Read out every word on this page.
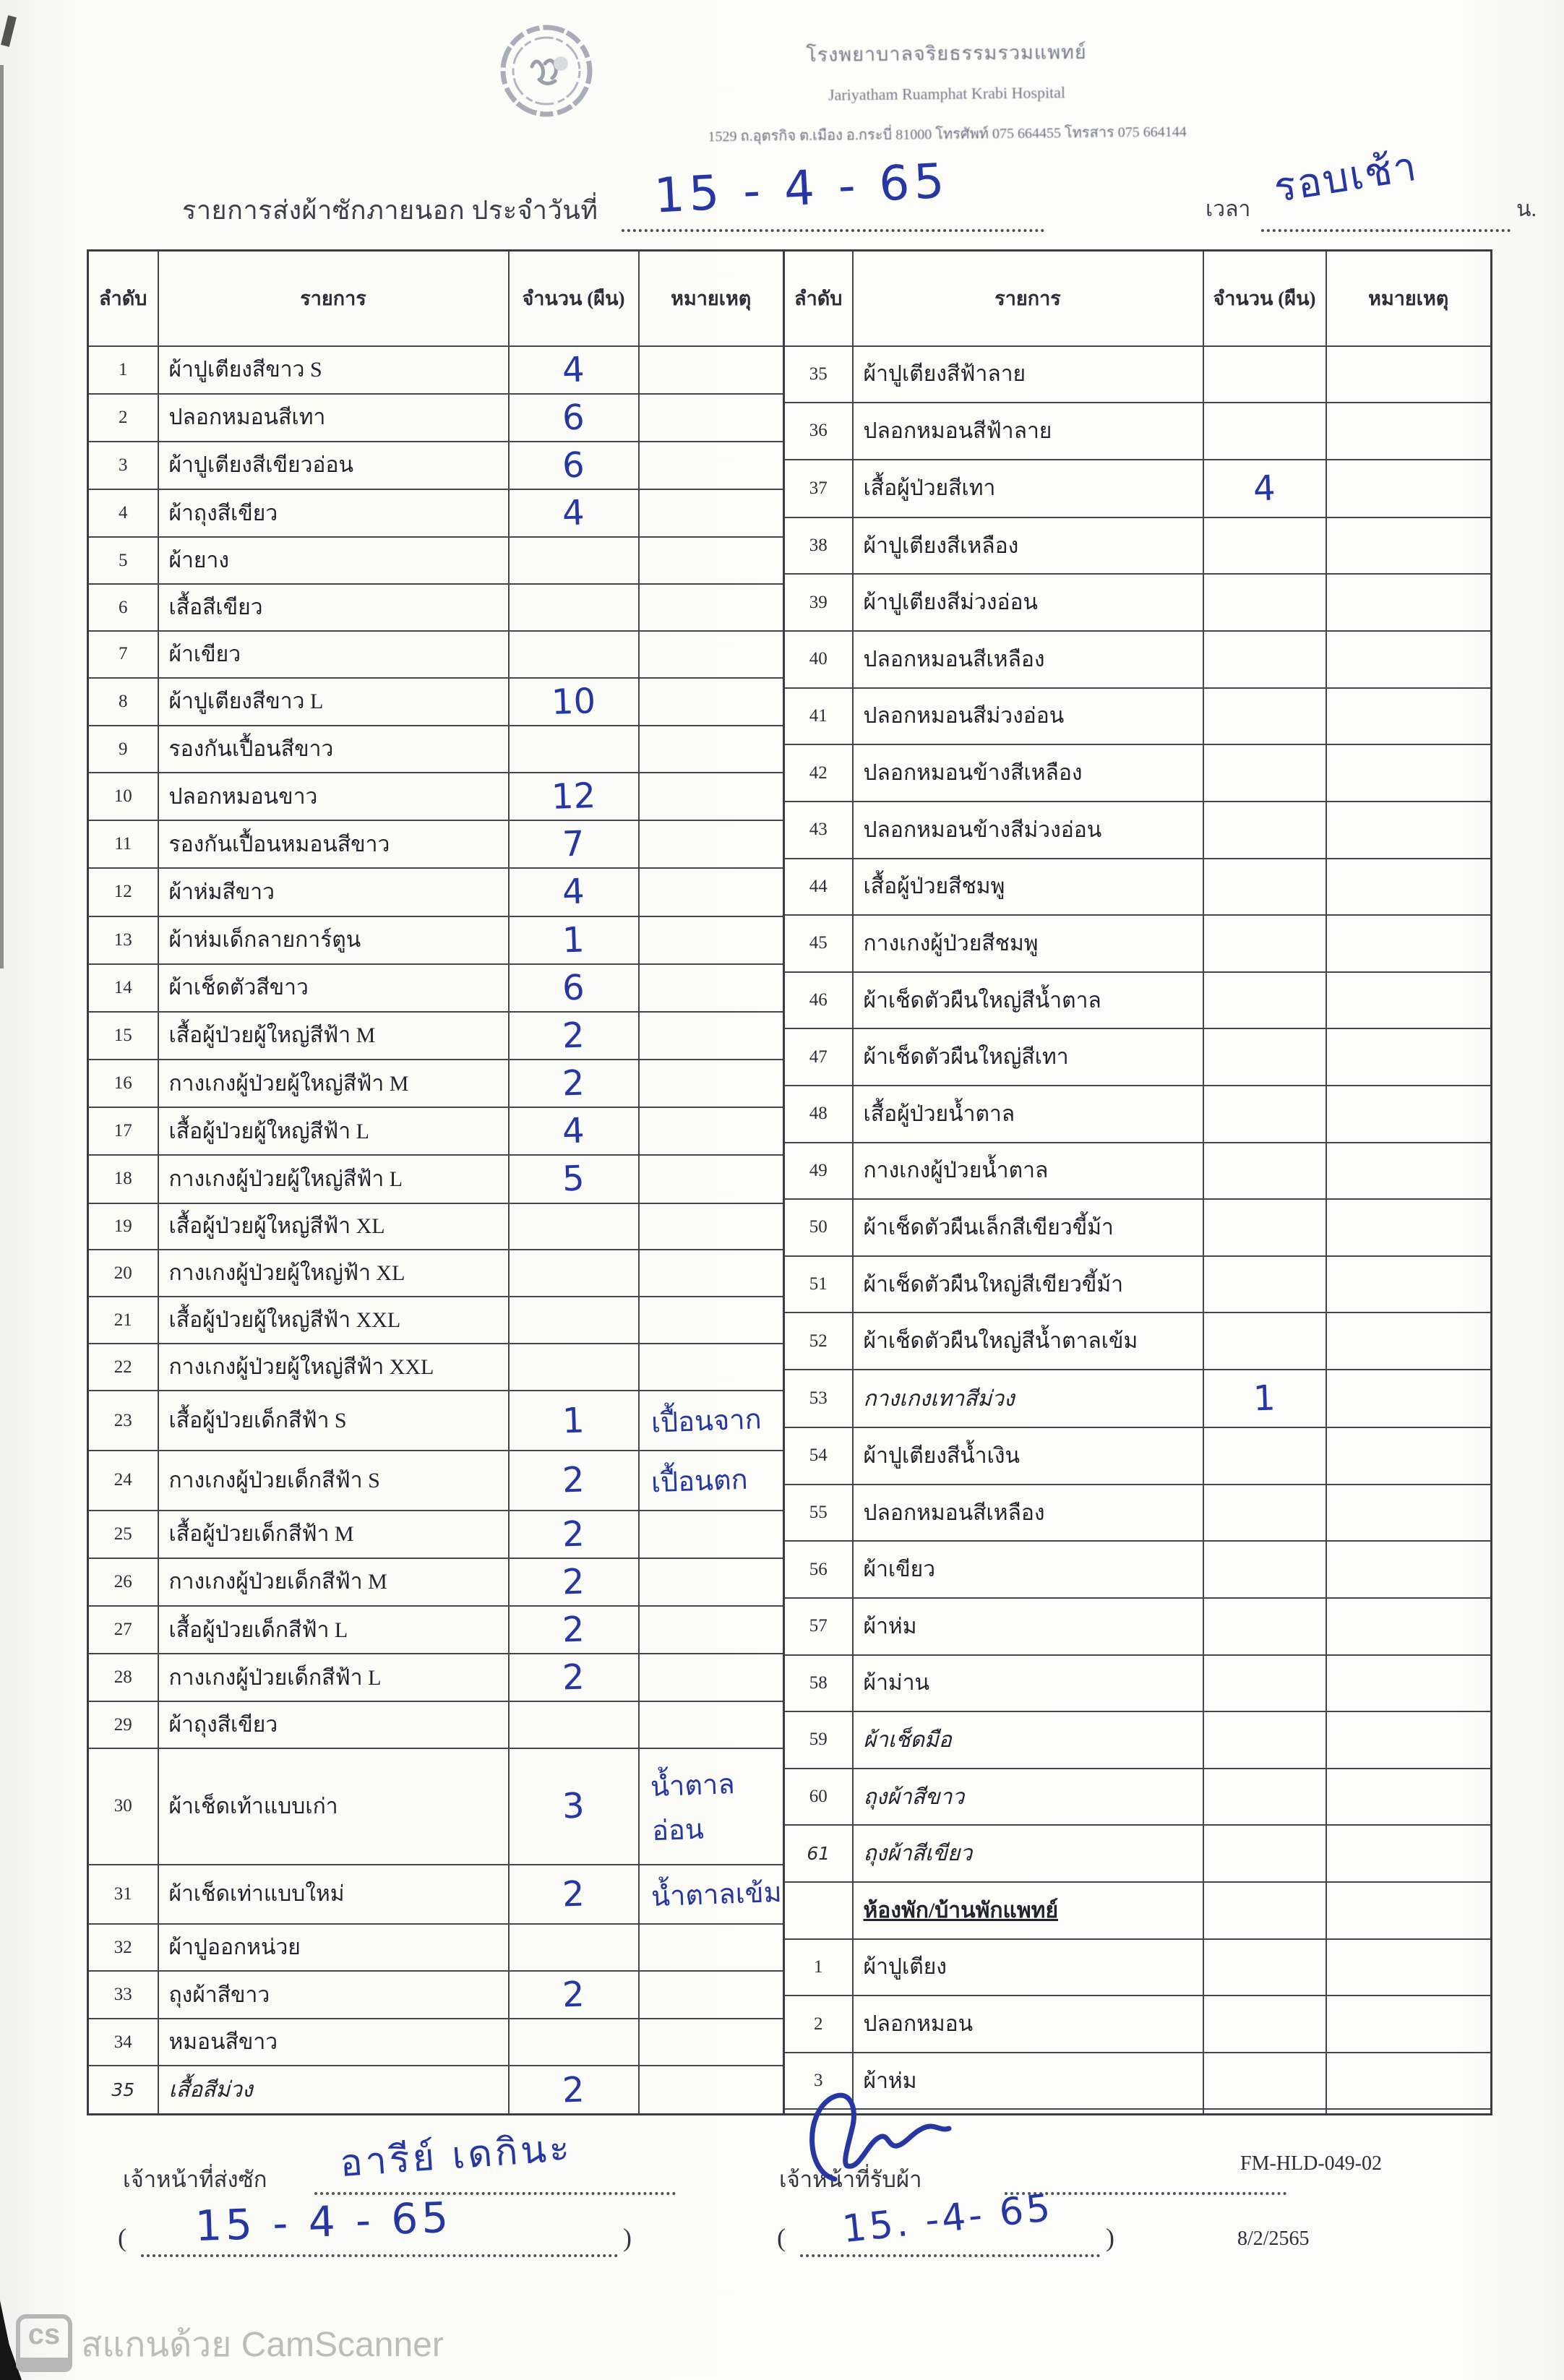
โรงพยาบาลจริยธรรมรวมแพทย์
Jariyatham Ruamphat Krabi Hospital
1529 ถ.อุตรกิจ ต.เมือง อ.กระบี่ 81000 โทรศัพท์ 075 664455 โทรสาร 075 664144
รายการส่งผ้าซักภายนอก ประจำวันที่ 15 - 4 - 65	เวลา	น.
รอบเช้า
ลำดับ	รายการ	จำนวน (ผืน)	หมายเหตุ
1	ผ้าปูเตียงสีขาว S	4	
2	ปลอกหมอนสีเทา	6	
3	ผ้าปูเตียงสีเขียวอ่อน	6	
4	ผ้าถุงสีเขียว	4	
5	ผ้ายาง		
6	เสื้อสีเขียว		
7	ผ้าเขียว		
8	ผ้าปูเตียงสีขาว L	10	
9	รองกันเปื้อนสีขาว		
10	ปลอกหมอนขาว	12	
11	รองกันเปื้อนหมอนสีขาว	7	
12	ผ้าห่มสีขาว	4	
13	ผ้าห่มเด็กลายการ์ตูน	1	
14	ผ้าเช็ดตัวสีขาว	6	
15	เสื้อผู้ป่วยผู้ใหญ่สีฟ้า M	2	
16	กางเกงผู้ป่วยผู้ใหญ่สีฟ้า M	2	
17	เสื้อผู้ป่วยผู้ใหญ่สีฟ้า L	4	
18	กางเกงผู้ป่วยผู้ใหญ่สีฟ้า L	5	
19	เสื้อผู้ป่วยผู้ใหญ่สีฟ้า XL		
20	กางเกงผู้ป่วยผู้ใหญ่ฟ้า XL		
21	เสื้อผู้ป่วยผู้ใหญ่สีฟ้า XXL		
22	กางเกงผู้ป่วยผู้ใหญ่สีฟ้า XXL		
23	เสื้อผู้ป่วยเด็กสีฟ้า S	1	เปื้อนจาก
24	กางเกงผู้ป่วยเด็กสีฟ้า S	2	เปื้อนตก
25	เสื้อผู้ป่วยเด็กสีฟ้า M	2	
26	กางเกงผู้ป่วยเด็กสีฟ้า M	2	
27	เสื้อผู้ป่วยเด็กสีฟ้า L	2	
28	กางเกงผู้ป่วยเด็กสีฟ้า L	2	
29	ผ้าถุงสีเขียว		
30	ผ้าเช็ดเท้าแบบเก่า	3	น้ำตาลอ่อน
31	ผ้าเช็ดเท่าแบบใหม่	2	น้ำตาลเข้ม
32	ผ้าปูออกหน่วย		
33	ถุงผ้าสีขาว	2	
34	หมอนสีขาว		
35	เสื้อสีม่วง	2	
ลำดับ	รายการ	จำนวน (ผืน)	หมายเหตุ
35	ผ้าปูเตียงสีฟ้าลาย		
36	ปลอกหมอนสีฟ้าลาย		
37	เสื้อผู้ป่วยสีเทา	4	
38	ผ้าปูเตียงสีเหลือง		
39	ผ้าปูเตียงสีม่วงอ่อน		
40	ปลอกหมอนสีเหลือง		
41	ปลอกหมอนสีม่วงอ่อน		
42	ปลอกหมอนข้างสีเหลือง		
43	ปลอกหมอนข้างสีม่วงอ่อน		
44	เสื้อผู้ป่วยสีชมพู		
45	กางเกงผู้ป่วยสีชมพู		
46	ผ้าเช็ดตัวผืนใหญ่สีน้ำตาล		
47	ผ้าเช็ดตัวผืนใหญ่สีเทา		
48	เสื้อผู้ป่วยน้ำตาล		
49	กางเกงผู้ป่วยน้ำตาล		
50	ผ้าเช็ดตัวผืนเล็กสีเขียวขี้ม้า		
51	ผ้าเช็ดตัวผืนใหญ่สีเขียวขี้ม้า		
52	ผ้าเช็ดตัวผืนใหญ่สีน้ำตาลเข้ม		
53	กางเกงเทาสีม่วง	1	
54	ผ้าปูเตียงสีน้ำเงิน		
55	ปลอกหมอนสีเหลือง		
56	ผ้าเขียว		
57	ผ้าห่ม		
58	ผ้าม่าน		
59	ผ้าเช็ดมือ		
60	ถุงผ้าสีขาว		
61	ถุงผ้าสีเขียว		
	ห้องพัก/บ้านพักแพทย์		
1	ผ้าปูเตียง		
2	ปลอกหมอน		
3	ผ้าห่ม		

เจ้าหน้าที่ส่งซัก อารีย์ เดกินะ
(	)
15 - 4 - 65
เจ้าหน้าที่รับผ้า
(	)
15. -4- 65
FM-HLD-049-02
8/2/2565
cs สแกนด้วย CamScanner
